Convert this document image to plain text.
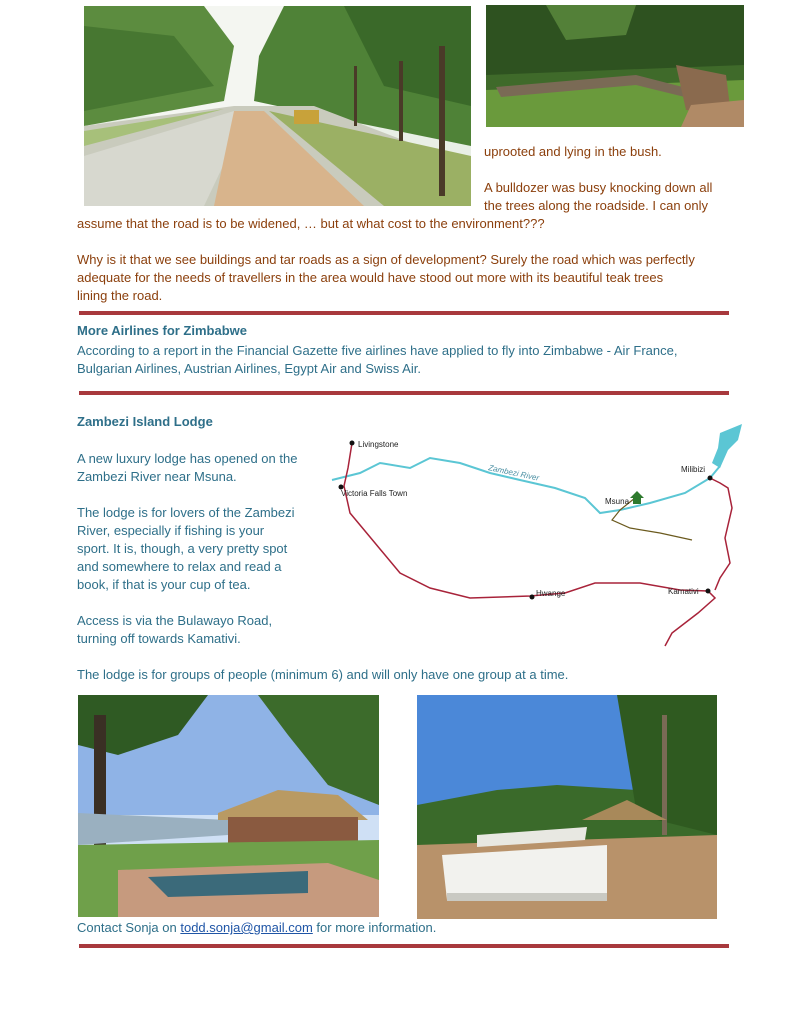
uprooted and lying in the bush.
A bulldozer was busy knocking down all
the trees along the roadside. I can only
assume that the road is to be widened, … but at what cost to the environment???
Why is it that we see buildings and tar roads as a sign of development? Surely the road which was perfectly
adequate for the needs of travellers in the area would have stood out more with its beautiful teak trees
lining the road.
More Airlines for Zimbabwe
According to a report in the Financial Gazette five airlines have applied to fly into Zimbabwe - Air France,
Bulgarian Airlines, Austrian Airlines, Egypt Air and Swiss Air.
Zambezi Island Lodge
A new luxury lodge has opened on the
Zambezi River near Msuna.
The lodge is for lovers of the Zambezi
River, especially if fishing is your
sport. It is, though, a very pretty spot
and somewhere to relax and read a
book, if that is your cup of tea.
Access is via the Bulawayo Road,
turning off towards Kamativi.
Livingstone
Victoria Falls Town
Zambezi River
Msuna
Milibizi
Hwange	Kamativi
The lodge is for groups of people (minimum 6) and will only have one group at a time.
Contact Sonja on todd.sonja@gmail.com for more information.
